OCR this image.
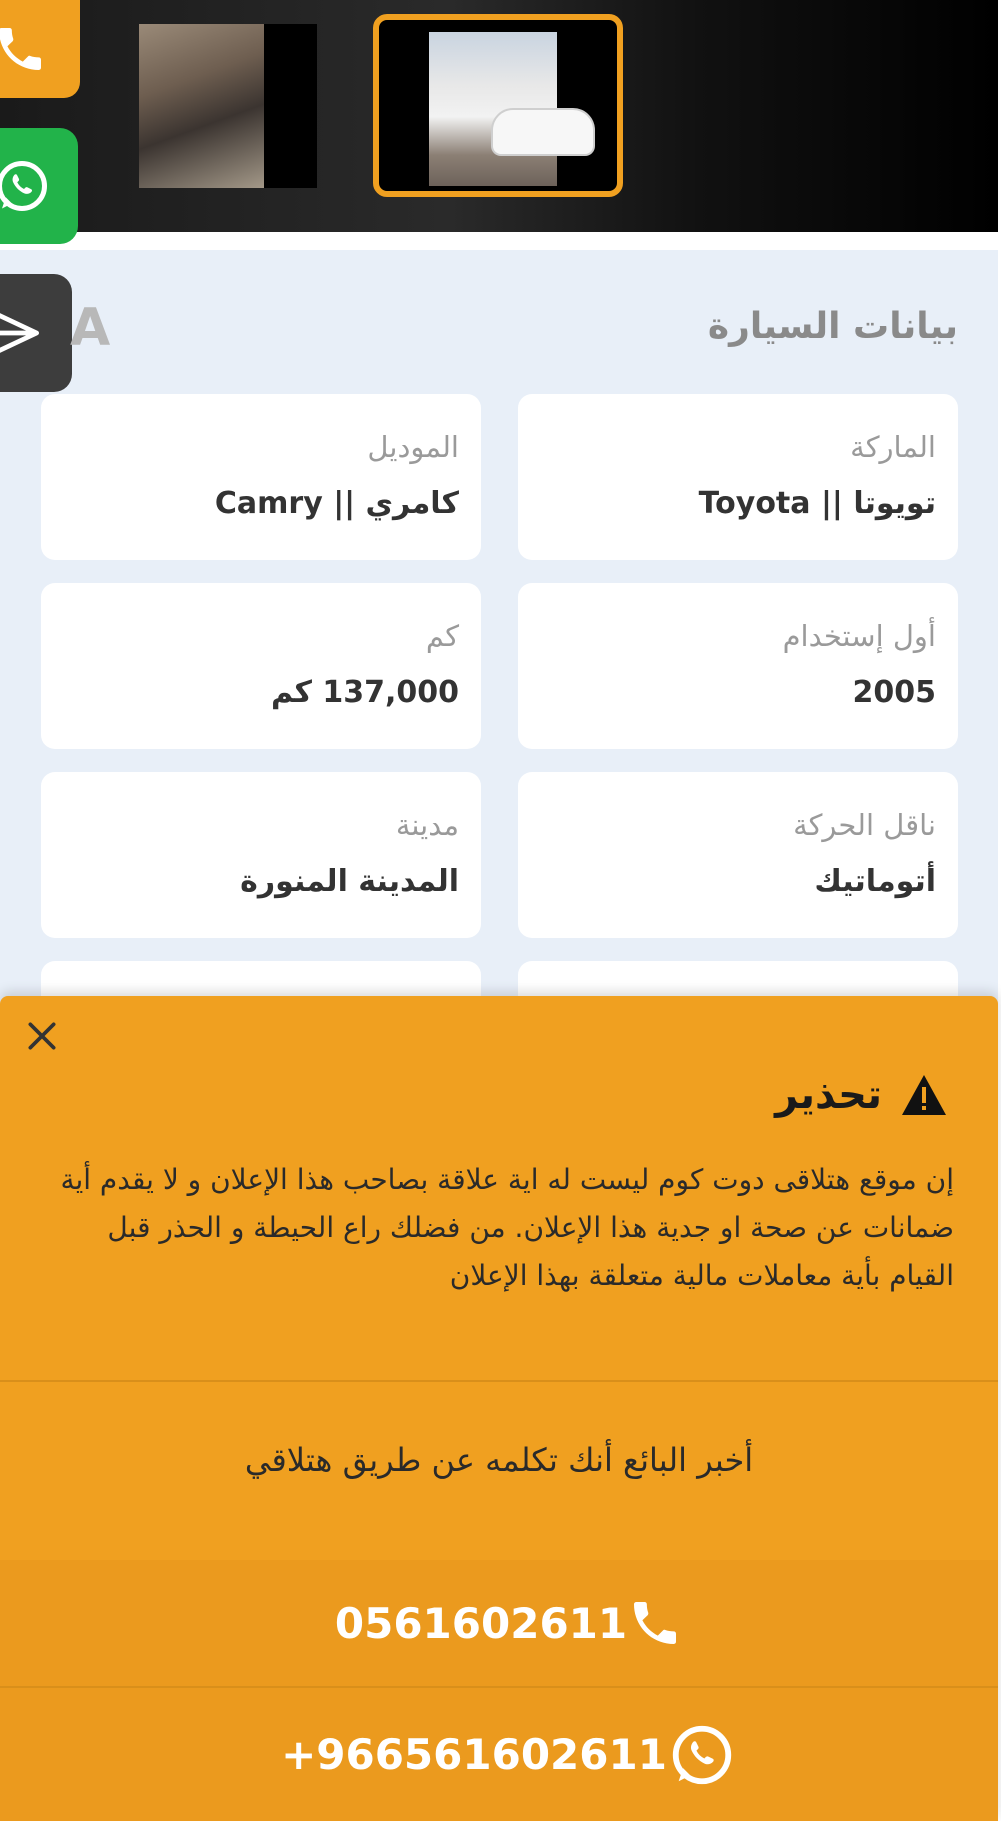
A	بيانات السيارة
الماركة
تويوتا || Toyota
الموديل
كامري || Camry
أول إستخدام
2005
كم
137,000 كم
ناقل الحركة
أتوماتيك
مدينة
المدينة المنورة
تحذير
إن موقع هتلاقى دوت كوم ليست له اية علاقة بصاحب هذا الإعلان و لا يقدم أية ضمانات عن صحة او جدية هذا الإعلان. من فضلك راع الحيطة و الحذر قبل القيام بأية معاملات مالية متعلقة بهذا الإعلان
أخبر البائع أنك تكلمه عن طريق هتلاقي
0561602611
+966561602611
